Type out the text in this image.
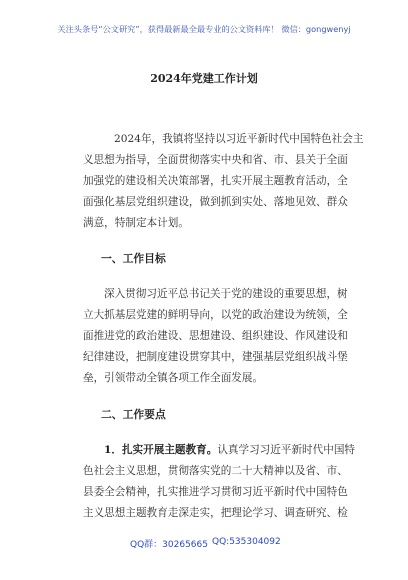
关注头条号“公文研究”，获得最新最全最专业的公文资料库！ 微信：gongwenyj
2024年党建工作计划
2024年，我镇将坚持以习近平新时代中国特色社会主
义思想为指导，全面贯彻落实中央和省、市、县关于全面
加强党的建设相关决策部署，扎实开展主题教育活动，全
面强化基层党组织建设，做到抓到实处、落地见效、群众
满意，特制定本计划。
一、工作目标
深入贯彻习近平总书记关于党的建设的重要思想，树
立大抓基层党建的鲜明导向，以党的政治建设为统领，全
面推进党的政治建设、思想建设、组织建设、作风建设和
纪律建设，把制度建设贯穿其中，建强基层党组织战斗堡
垒，引领带动全镇各项工作全面发展。
二、工作要点
1．扎实开展主题教育。认真学习习近平新时代中国特
色社会主义思想，贯彻落实党的二十大精神以及省、市、
县委全会精神，扎实推进学习贯彻习近平新时代中国特色
主义思想主题教育走深走实，把理论学习、调查研究、检
QQ群：30265665 QQ:535304092
